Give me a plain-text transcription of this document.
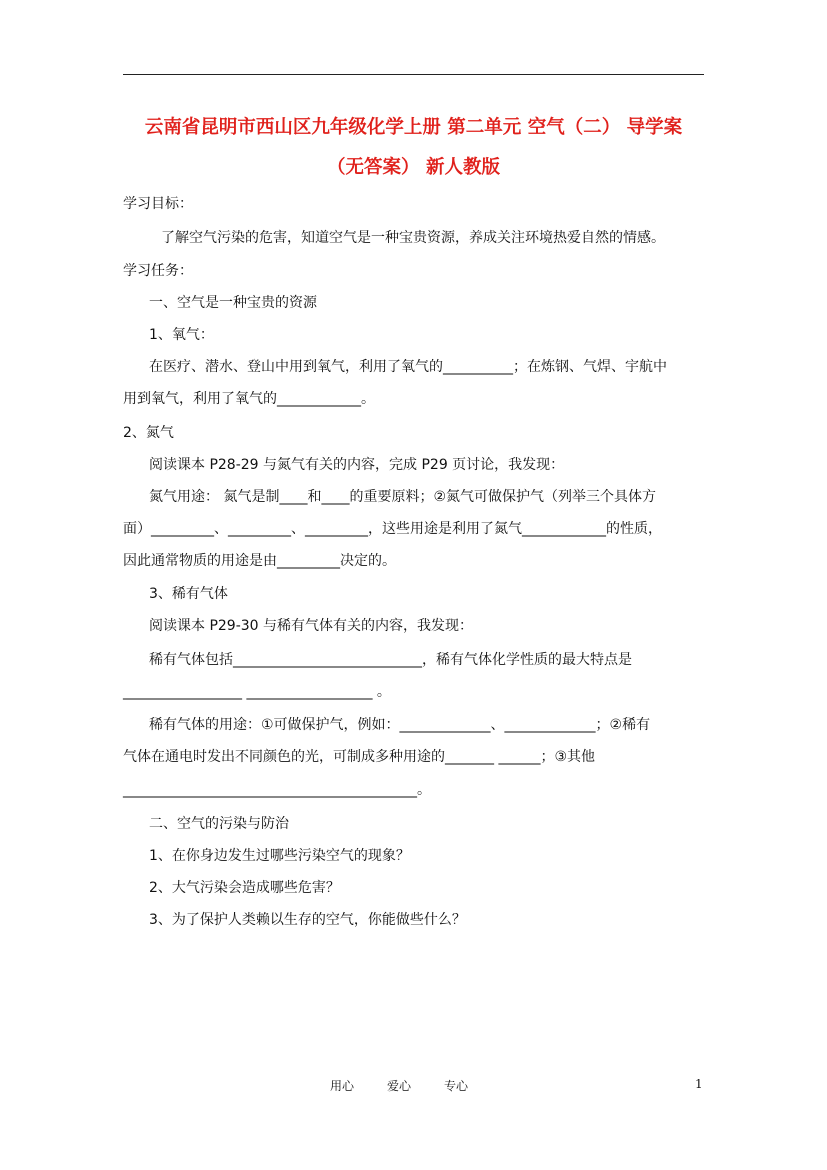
云南省昆明市西山区九年级化学上册 第二单元 空气（二） 导学案
（无答案） 新人教版
学习目标：
了解空气污染的危害，知道空气是一种宝贵资源，养成关注环境热爱自然的情感。
学习任务：
一、空气是一种宝贵的资源
1、氧气：
在医疗、潜水、登山中用到氧气，利用了氧气的__________；在炼钢、气焊、宇航中
用到氧气，利用了氧气的____________。
2、氮气
阅读课本 P28-29 与氮气有关的内容，完成 P29 页讨论，我发现：
氮气用途： 氮气是制____和____的重要原料；②氮气可做保护气（列举三个具体方
面）_________、_________、_________，这些用途是利用了氮气____________的性质，
因此通常物质的用途是由_________决定的。
3、稀有气体
阅读课本 P29-30 与稀有气体有关的内容，我发现：
稀有气体包括___________________________，稀有气体化学性质的最大特点是
_________________ __________________ 。
稀有气体的用途：①可做保护气，例如：_____________、_____________；②稀有
气体在通电时发出不同颜色的光，可制成多种用途的_______ ______；③其他
__________________________________________。
二、空气的污染与防治
1、在你身边发生过哪些污染空气的现象？
2、大气污染会造成哪些危害？
3、为了保护人类赖以生存的空气，你能做些什么？
用心	爱心	专心	1
